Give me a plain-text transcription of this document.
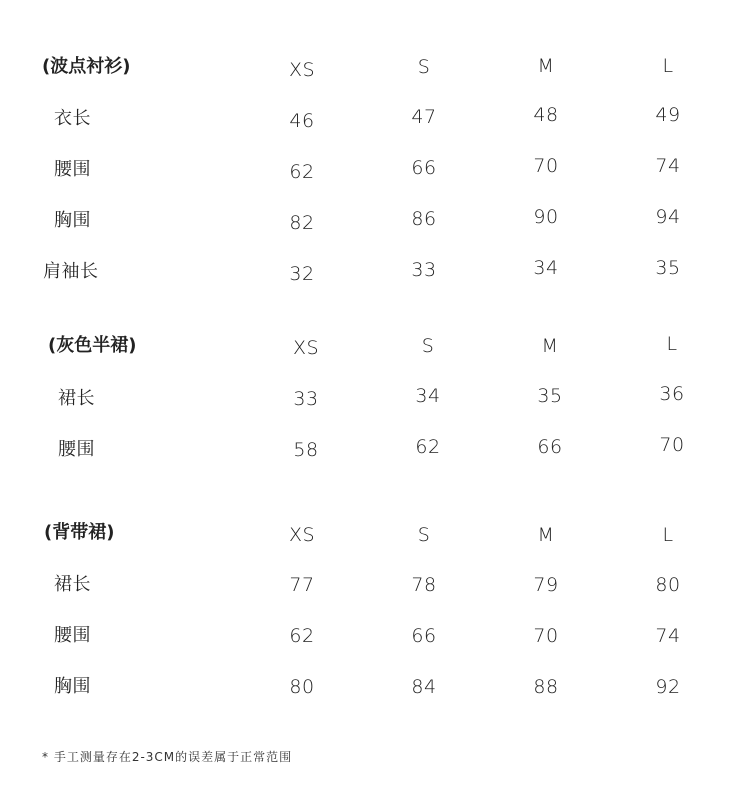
(波点衬衫)	XS	S	M	L
衣长	46	47	48	49
腰围	62	66	70	74
胸围	82	86	90	94
肩袖长	32	33	34	35
(灰色半裙)	XS	S	M	L
裙长	33	34	35	36
腰围	58	62	66	70
(背带裙)	XS	S	M	L
裙长	77	78	79	80
腰围	62	66	70	74
胸围	80	84	88	92
* 手工测量存在2-3CM的误差属于正常范围
